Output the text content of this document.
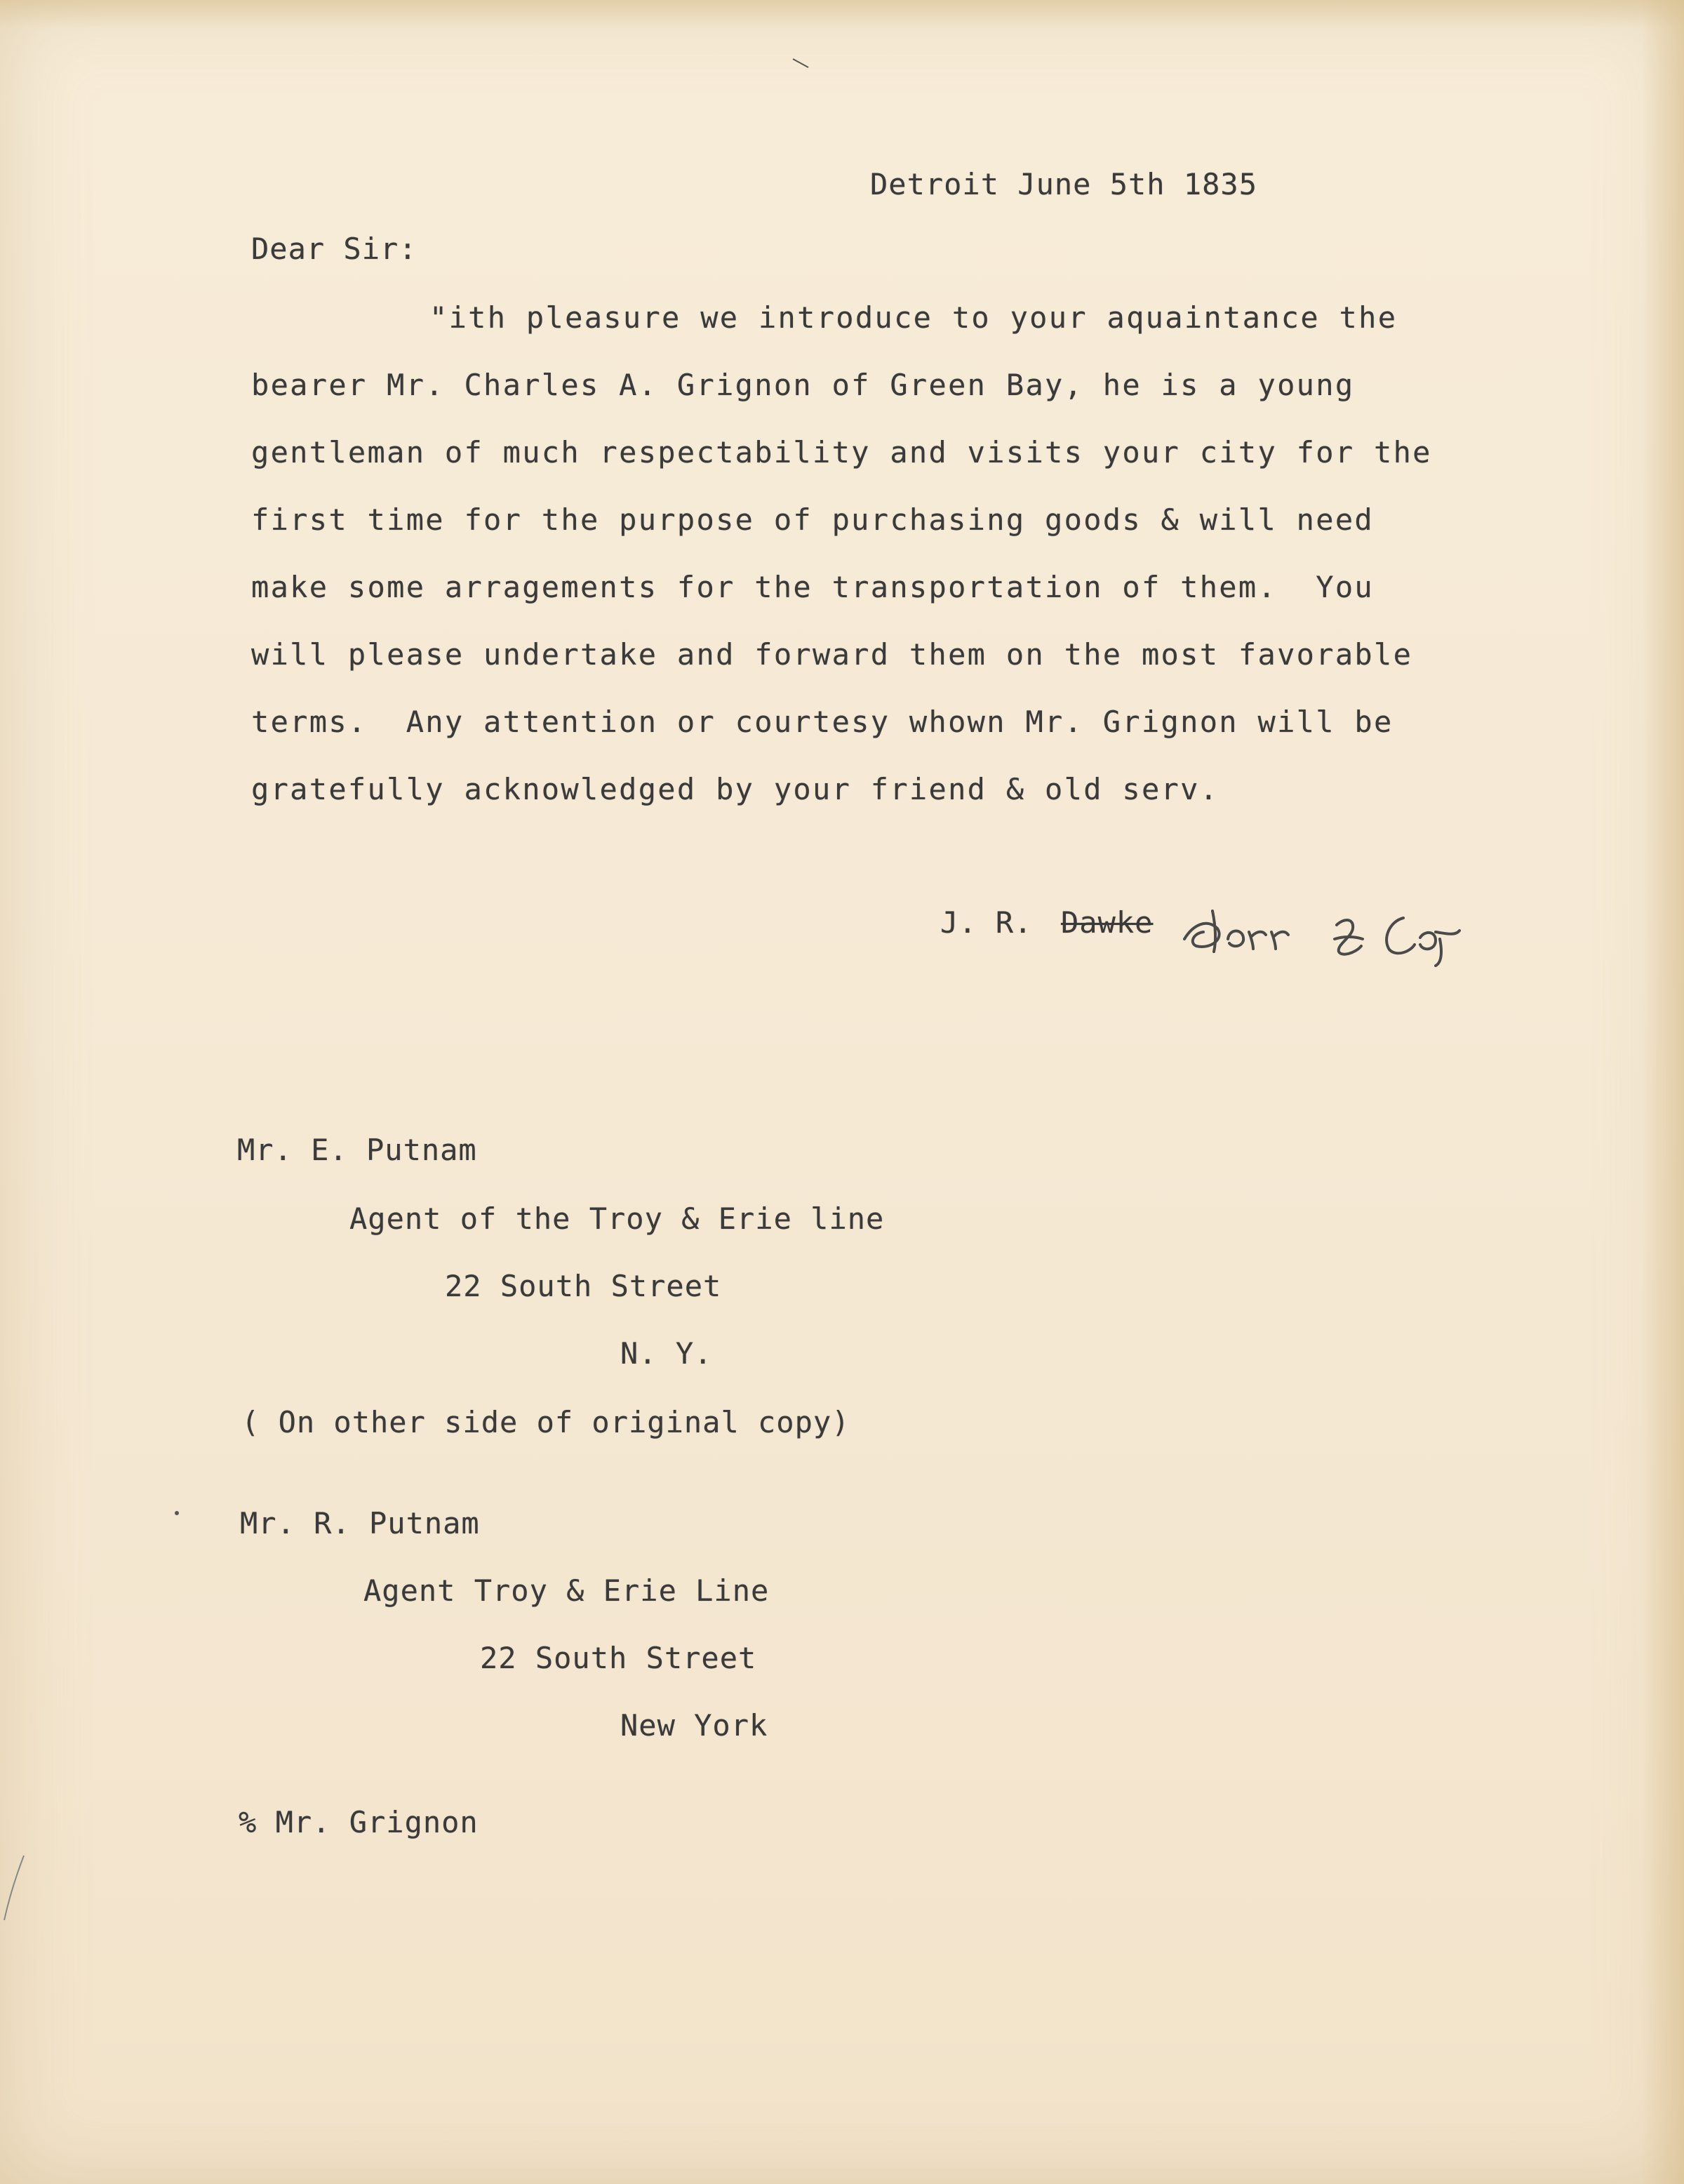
Detroit June 5th 1835
Dear Sir:
"ith pleasure we introduce to your aquaintance the
bearer Mr. Charles A. Grignon of Green Bay, he is a young
gentleman of much respectability and visits your city for the
first time for the purpose of purchasing goods & will need
make some arragements for the transportation of them.  You
will please undertake and forward them on the most favorable
terms.  Any attention or courtesy whown Mr. Grignon will be
gratefully acknowledged by your friend & old serv.
J. R. Dawke
Mr. E. Putnam
Agent of the Troy & Erie line
22 South Street
N. Y.
( On other side of original copy)
Mr. R. Putnam
Agent Troy & Erie Line
22 South Street
New York
% Mr. Grignon
